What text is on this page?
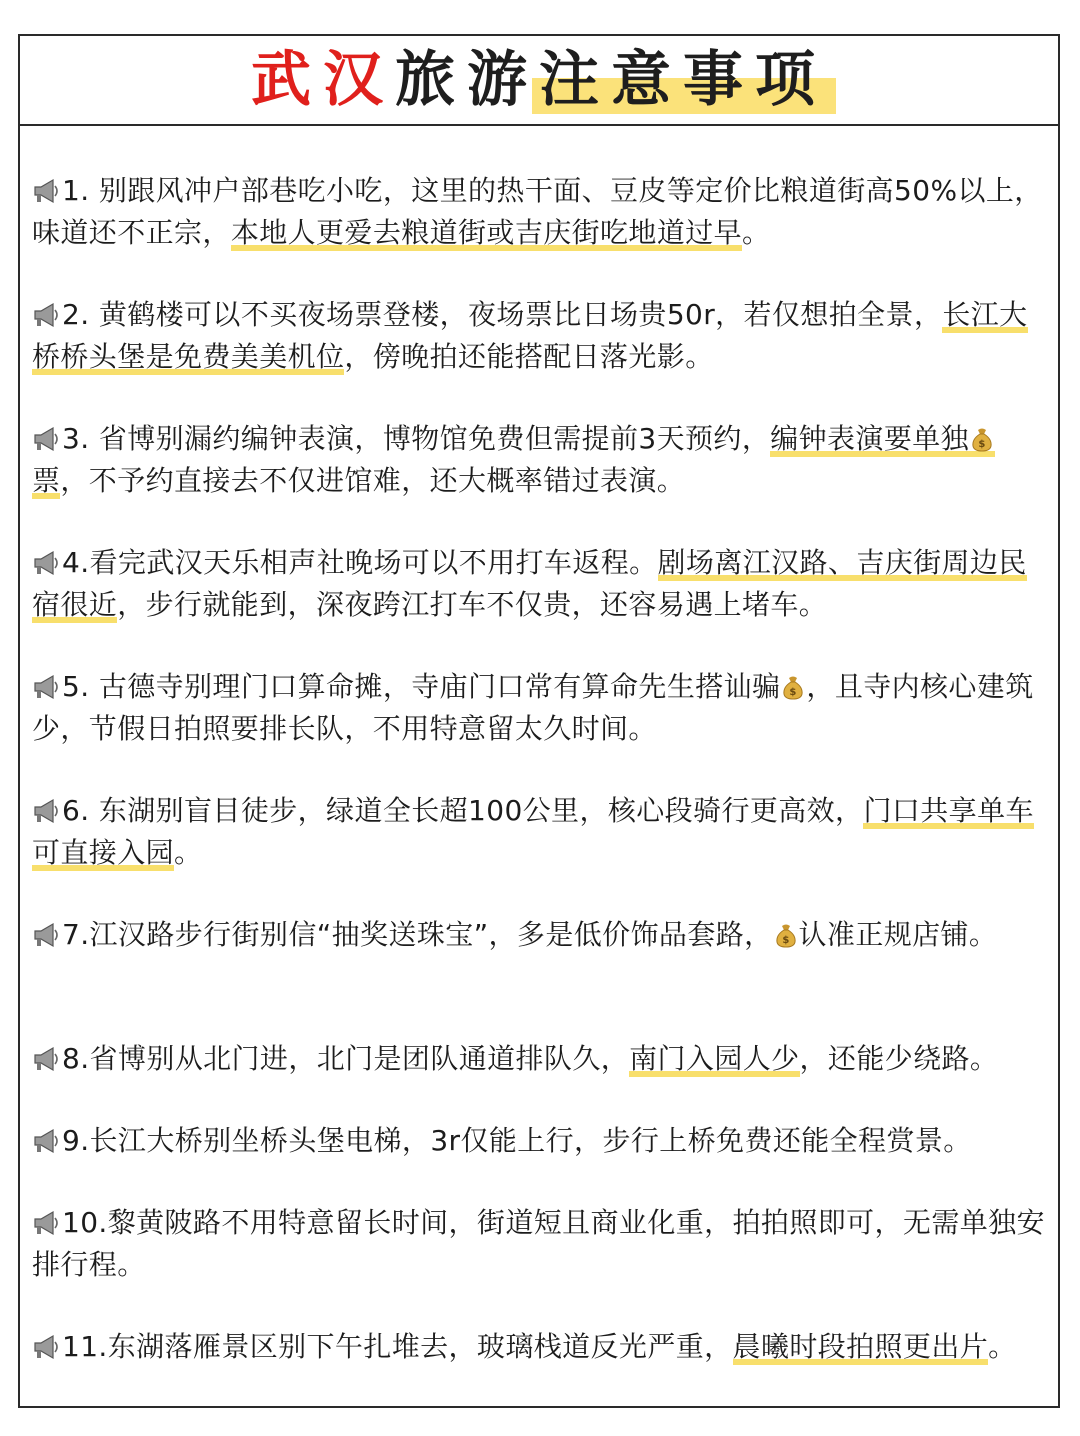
武汉旅游注意事项
1. 别跟风冲户部巷吃小吃，这里的热干面、豆皮等定价比粮道街高50%以上，味道还不正宗，本地人更爱去粮道街或吉庆街吃地道过早。
2. 黄鹤楼可以不买夜场票登楼，夜场票比日场贵50r，若仅想拍全景，长江大桥桥头堡是免费美美机位，傍晚拍还能搭配日落光影。
3. 省博别漏约编钟表演，博物馆免费但需提前3天预约，编钟表演要单独票，不予约直接去不仅进馆难，还大概率错过表演。
4.看完武汉天乐相声社晚场可以不用打车返程。剧场离江汉路、吉庆街周边民宿很近，步行就能到，深夜跨江打车不仅贵，还容易遇上堵车。
5. 古德寺别理门口算命摊，寺庙门口常有算命先生搭讪骗 ，且寺内核心建筑少，节假日拍照要排长队，不用特意留太久时间。
6. 东湖别盲目徒步，绿道全长超100公里，核心段骑行更高效，门口共享单车可直接入园。
7.江汉路步行街别信“抽奖送珠宝”，多是低价饰品套路， 认准正规店铺。
8.省博别从北门进，北门是团队通道排队久，南门入园人少，还能少绕路。
9.长江大桥别坐桥头堡电梯，3r仅能上行，步行上桥免费还能全程赏景。
10.黎黄陂路不用特意留长时间，街道短且商业化重，拍拍照即可，无需单独安排行程。
11.东湖落雁景区别下午扎堆去，玻璃栈道反光严重，晨曦时段拍照更出片。
